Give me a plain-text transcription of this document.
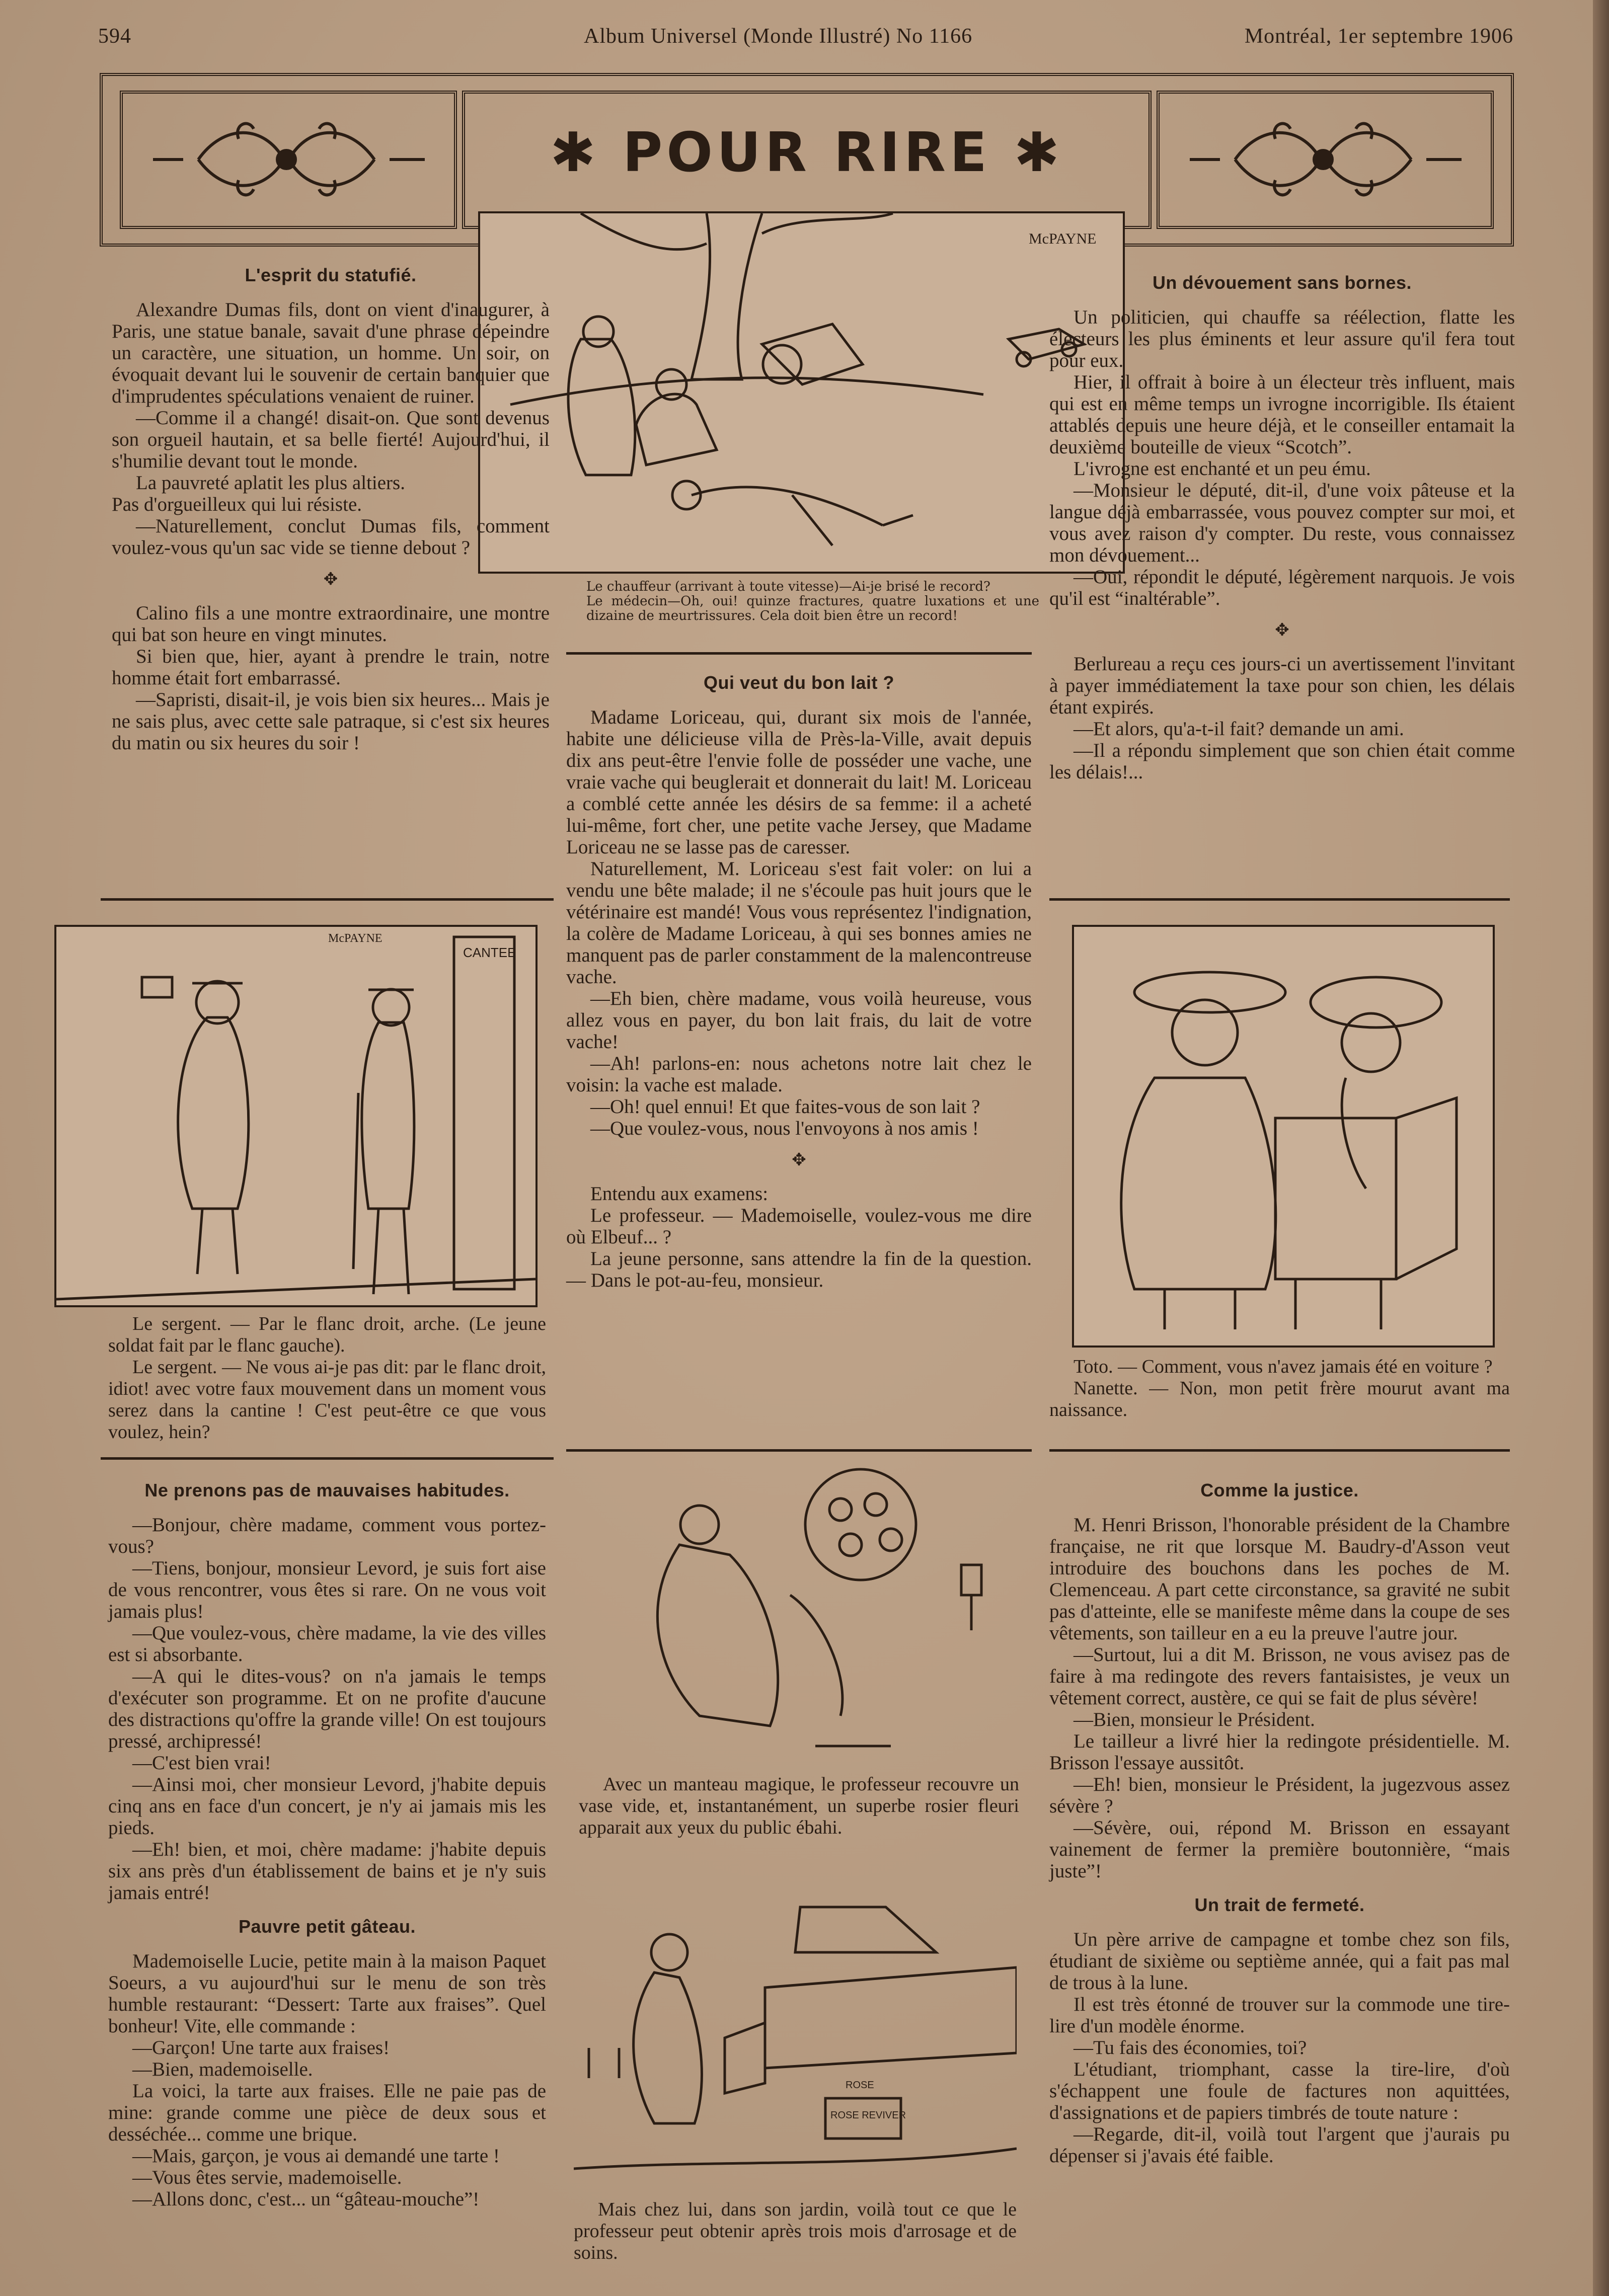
594	Album Universel (Monde Illustré) No 1166	Montréal, 1er septembre 1906
✱ POUR RIRE ✱
McPAYNE
Le chauffeur (arrivant à toute vitesse)—Ai-je brisé le record?
Le médecin—Oh, oui! quinze fractures, quatre luxations et une dizaine de meurtrissures. Cela doit bien être un record!
L'esprit du statufié.

Alexandre Dumas fils, dont on vient d'inaugurer, à Paris, une statue banale, savait d'une phrase dépeindre un caractère, une situation, un homme. Un soir, on évoquait devant lui le souvenir de certain banquier que d'imprudentes spéculations venaient de ruiner.

—Comme il a changé! disait-on. Que sont devenus son orgueil hautain, et sa belle fierté! Aujourd'hui, il s'humilie devant tout le monde.

La pauvreté aplatit les plus altiers.

Pas d'orgueilleux qui lui résiste.

—Naturellement, conclut Dumas fils, comment voulez-vous qu'un sac vide se tienne debout ?

✥

Calino fils a une montre extraordinaire, une montre qui bat son heure en vingt minutes.

Si bien que, hier, ayant à prendre le train, notre homme était fort embarrassé.

—Sapristi, disait-il, je vois bien six heures... Mais je ne sais plus, avec cette sale patraque, si c'est six heures du matin ou six heures du soir !

CANTEE
McPAYNE

Le sergent. — Par le flanc droit, arche. (Le jeune soldat fait par le flanc gauche).

Le sergent. — Ne vous ai-je pas dit: par le flanc droit, idiot! avec votre faux mouvement dans un moment vous serez dans la cantine ! C'est peut-être ce que vous voulez, hein?

Ne prenons pas de mauvaises habitudes.

—Bonjour, chère madame, comment vous portez-vous?

—Tiens, bonjour, monsieur Levord, je suis fort aise de vous rencontrer, vous êtes si rare. On ne vous voit jamais plus!

—Que voulez-vous, chère madame, la vie des villes est si absorbante.

—A qui le dites-vous? on n'a jamais le temps d'exécuter son programme. Et on ne profite d'aucune des distractions qu'offre la grande ville! On est toujours pressé, archipressé!

—C'est bien vrai!

—Ainsi moi, cher monsieur Levord, j'habite depuis cinq ans en face d'un concert, je n'y ai jamais mis les pieds.

—Eh! bien, et moi, chère madame: j'habite depuis six ans près d'un établissement de bains et je n'y suis jamais entré!

Pauvre petit gâteau.

Mademoiselle Lucie, petite main à la maison Paquet Soeurs, a vu aujourd'hui sur le menu de son très humble restaurant: “Dessert: Tarte aux fraises”. Quel bonheur! Vite, elle commande :

—Garçon! Une tarte aux fraises!

—Bien, mademoiselle.

La voici, la tarte aux fraises. Elle ne paie pas de mine: grande comme une pièce de deux sous et desséchée... comme une brique.

—Mais, garçon, je vous ai demandé une tarte !

—Vous êtes servie, mademoiselle.

—Allons donc, c'est... un “gâteau-mouche”!

Qui veut du bon lait ?

Madame Loriceau, qui, durant six mois de l'année, habite une délicieuse villa de Près-la-Ville, avait depuis dix ans peut-être l'envie folle de posséder une vache, une vraie vache qui beuglerait et donnerait du lait! M. Loriceau a comblé cette année les désirs de sa femme: il a acheté lui-même, fort cher, une petite vache Jersey, que Madame Loriceau ne se lasse pas de caresser.

Naturellement, M. Loriceau s'est fait voler: on lui a vendu une bête malade; il ne s'écoule pas huit jours que le vétérinaire est mandé! Vous vous représentez l'indignation, la colère de Madame Loriceau, à qui ses bonnes amies ne manquent pas de parler constamment de la malencontreuse vache.

—Eh bien, chère madame, vous voilà heureuse, vous allez vous en payer, du bon lait frais, du lait de votre vache!

—Ah! parlons-en: nous achetons notre lait chez le voisin: la vache est malade.

—Oh! quel ennui! Et que faites-vous de son lait ?

—Que voulez-vous, nous l'envoyons à nos amis !

✥

Entendu aux examens:

Le professeur. — Mademoiselle, voulez-vous me dire où Elbeuf... ?

La jeune personne, sans attendre la fin de la question. — Dans le pot-au-feu, monsieur.

Avec un manteau magique, le professeur recouvre un vase vide, et, instantanément, un superbe rosier fleuri apparait aux yeux du public ébahi.

ROSE
ROSE REVIVER

Mais chez lui, dans son jardin, voilà tout ce que le professeur peut obtenir après trois mois d'arrosage et de soins.

Un dévouement sans bornes.

Un politicien, qui chauffe sa réélection, flatte les électeurs les plus éminents et leur assure qu'il fera tout pour eux.

Hier, il offrait à boire à un électeur très influent, mais qui est en même temps un ivrogne incorrigible. Ils étaient attablés depuis une heure déjà, et le conseiller entamait la deuxième bouteille de vieux “Scotch”.

L'ivrogne est enchanté et un peu ému.

—Monsieur le député, dit-il, d'une voix pâteuse et la langue déjà embarrassée, vous pouvez compter sur moi, et vous avez raison d'y compter. Du reste, vous connaissez mon dévouement...

—Oui, répondit le député, légèrement narquois. Je vois qu'il est “inaltérable”.

✥

Berlureau a reçu ces jours-ci un avertissement l'invitant à payer immédiatement la taxe pour son chien, les délais étant expirés.

—Et alors, qu'a-t-il fait? demande un ami.

—Il a répondu simplement que son chien était comme les délais!...

Toto. — Comment, vous n'avez jamais été en voiture ?

Nanette. — Non, mon petit frère mourut avant ma naissance.

Comme la justice.

M. Henri Brisson, l'honorable président de la Chambre française, ne rit que lorsque M. Baudry-d'Asson veut introduire des bouchons dans les poches de M. Clemenceau. A part cette circonstance, sa gravité ne subit pas d'atteinte, elle se manifeste même dans la coupe de ses vêtements, son tailleur en a eu la preuve l'autre jour.

—Surtout, lui a dit M. Brisson, ne vous avisez pas de faire à ma redingote des revers fantaisistes, je veux un vêtement correct, austère, ce qui se fait de plus sévère!

—Bien, monsieur le Président.

Le tailleur a livré hier la redingote présidentielle. M. Brisson l'essaye aussitôt.

—Eh! bien, monsieur le Président, la jugezvous assez sévère ?

—Sévère, oui, répond M. Brisson en essayant vainement de fermer la première boutonnière, “mais juste”!

Un trait de fermeté.

Un père arrive de campagne et tombe chez son fils, étudiant de sixième ou septième année, qui a fait pas mal de trous à la lune.

Il est très étonné de trouver sur la commode une tire-lire d'un modèle énorme.

—Tu fais des économies, toi?

L'étudiant, triomphant, casse la tire-lire, d'où s'échappent une foule de factures non aquittées, d'assignations et de papiers timbrés de toute nature :

—Regarde, dit-il, voilà tout l'argent que j'aurais pu dépenser si j'avais été faible.
